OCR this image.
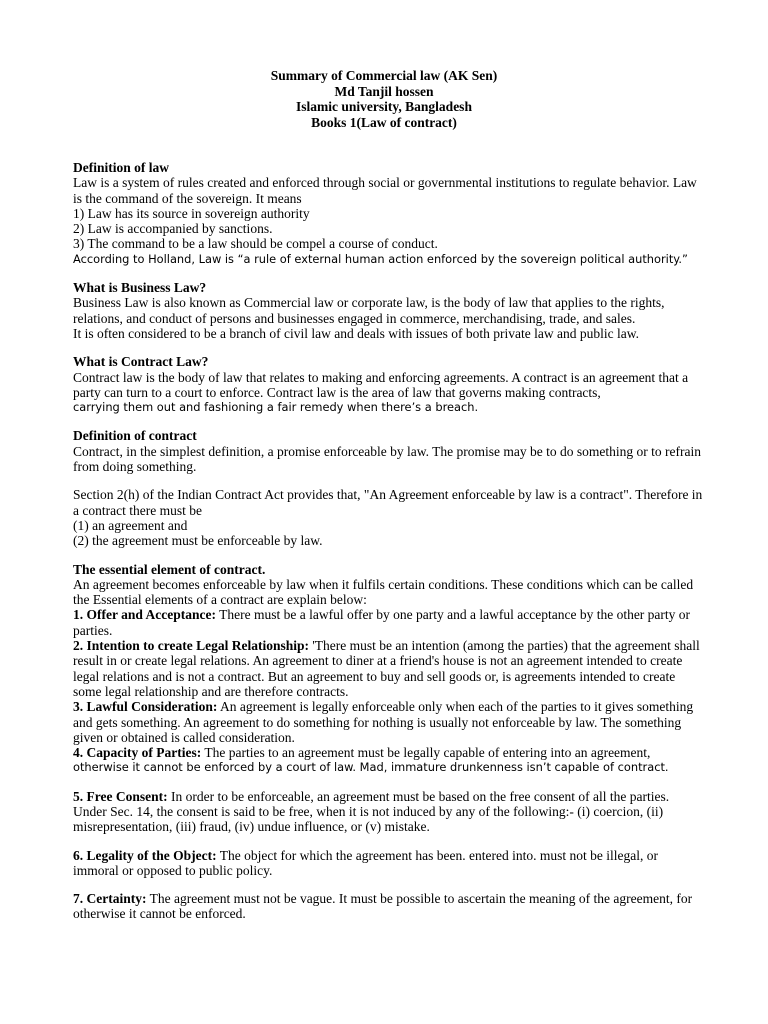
Summary of Commercial law (AK Sen)
Md Tanjil hossen
Islamic university, Bangladesh
Books 1(Law of contract)
Definition of law

Law is a system of rules created and enforced through social or governmental institutions to regulate behavior. Law is the command of the sovereign. It means

1) Law has its source in sovereign authority
2) Law is accompanied by sanctions.
3) The command to be a law should be compel a course of conduct.
According to Holland, Law is “a rule of external human action enforced by the sovereign political authority.”
What is Business Law?

Business Law is also known as Commercial law or corporate law, is the body of law that applies to the rights, relations, and conduct of persons and businesses engaged in commerce, merchandising, trade, and sales.

It is often considered to be a branch of civil law and deals with issues of both private law and public law.

What is Contract Law?

Contract law is the body of law that relates to making and enforcing agreements. A contract is an agreement that a party can turn to a court to enforce. Contract law is the area of law that governs making contracts,

carrying them out and fashioning a fair remedy when there’s a breach.
Definition of contract

Contract, in the simplest definition, a promise enforceable by law. The promise may be to do something or to refrain from doing something.

Section 2(h) of the Indian Contract Act provides that, "An Agreement enforceable by law is a contract". Therefore in a contract there must be

(1) an agreement and
(2) the agreement must be enforceable by law.
The essential element of contract.

An agreement becomes enforceable by law when it fulfils certain conditions. These conditions which can be called the Essential elements of a contract are explain below:

1. Offer and Acceptance: There must be a lawful offer by one party and a lawful acceptance by the other party or parties.

2. Intention to create Legal Relationship: 'There must be an intention (among the parties) that the agreement shall result in or create legal relations. An agreement to diner at a friend's house is not an agreement intended to create legal relations and is not a contract. But an agreement to buy and sell goods or, is agreements intended to create some legal relationship and are therefore contracts.

3. Lawful Consideration: An agreement is legally enforceable only when each of the parties to it gives something and gets something. An agreement to do something for nothing is usually not enforceable by law. The something given or obtained is called consideration.

4. Capacity of Parties: The parties to an agreement must be legally capable of entering into an agreement,

otherwise it cannot be enforced by a court of law. Mad, immature drunkenness isn’t capable of contract.

5. Free Consent: In order to be enforceable, an agreement must be based on the free consent of all the parties. Under Sec. 14, the consent is said to be free, when it is not induced by any of the following:- (i) coercion, (ii) misrepresentation, (iii) fraud, (iv) undue influence, or (v) mistake.

6. Legality of the Object: The object for which the agreement has been. entered into. must not be illegal, or immoral or opposed to public policy.

7. Certainty: The agreement must not be vague. It must be possible to ascertain the meaning of the agreement, for otherwise it cannot be enforced.
